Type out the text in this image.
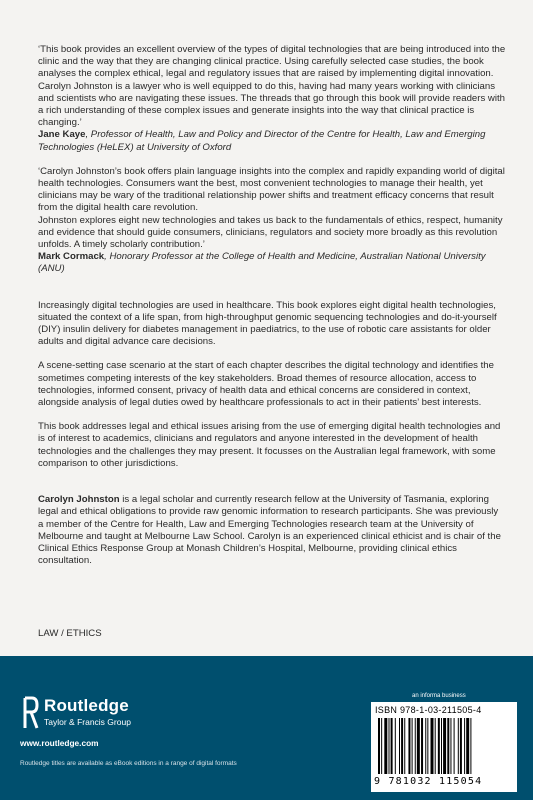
‘This book provides an excellent overview of the types of digital technologies that are being introduced into the clinic and the way that they are changing clinical practice. Using carefully selected case studies, the book analyses the complex ethical, legal and regulatory issues that are raised by implementing digital innovation. Carolyn Johnston is a lawyer who is well equipped to do this, having had many years working with clinicians and scientists who are navigating these issues. The threads that go through this book will provide readers with a rich understanding of these complex issues and generate insights into the way that clinical practice is changing.’

Jane Kaye, Professor of Health, Law and Policy and Director of the Centre for Health, Law and Emerging Technologies (HeLEX) at University of Oxford

‘Carolyn Johnston’s book offers plain language insights into the complex and rapidly expanding world of digital health technologies. Consumers want the best, most convenient technologies to manage their health, yet clinicians may be wary of the traditional relationship power shifts and treatment efficacy concerns that result from the digital health care revolution.

Johnston explores eight new technologies and takes us back to the fundamentals of ethics, respect, humanity and evidence that should guide consumers, clinicians, regulators and society more broadly as this revolution unfolds. A timely scholarly contribution.’

Mark Cormack, Honorary Professor at the College of Health and Medicine, Australian National University (ANU)

Increasingly digital technologies are used in healthcare. This book explores eight digital health technologies, situated the context of a life span, from high-throughput genomic sequencing technologies and do-it-yourself (DIY) insulin delivery for diabetes management in paediatrics, to the use of robotic care assistants for older adults and digital advance care decisions.

A scene-setting case scenario at the start of each chapter describes the digital technology and identifies the sometimes competing interests of the key stakeholders. Broad themes of resource allocation, access to technologies, informed consent, privacy of health data and ethical concerns are considered in context, alongside analysis of legal duties owed by healthcare professionals to act in their patients’ best interests.

This book addresses legal and ethical issues arising from the use of emerging digital health technologies and is of interest to academics, clinicians and regulators and anyone interested in the development of health technologies and the challenges they may present. It focusses on the Australian legal framework, with some comparison to other jurisdictions.

Carolyn Johnston is a legal scholar and currently research fellow at the University of Tasmania, exploring legal and ethical obligations to provide raw genomic information to research participants. She was previously a member of the Centre for Health, Law and Emerging Technologies research team at the University of Melbourne and taught at Melbourne Law School. Carolyn is an experienced clinical ethicist and is chair of the Clinical Ethics Response Group at Monash Children’s Hospital, Melbourne, providing clinical ethics consultation.

LAW / ETHICS
Routledge
Taylor & Francis Group
www.routledge.com
Routledge titles are available as eBook editions in a range of digital formats
an informa business
ISBN 978-1-03-211505-4
9 781032 115054
